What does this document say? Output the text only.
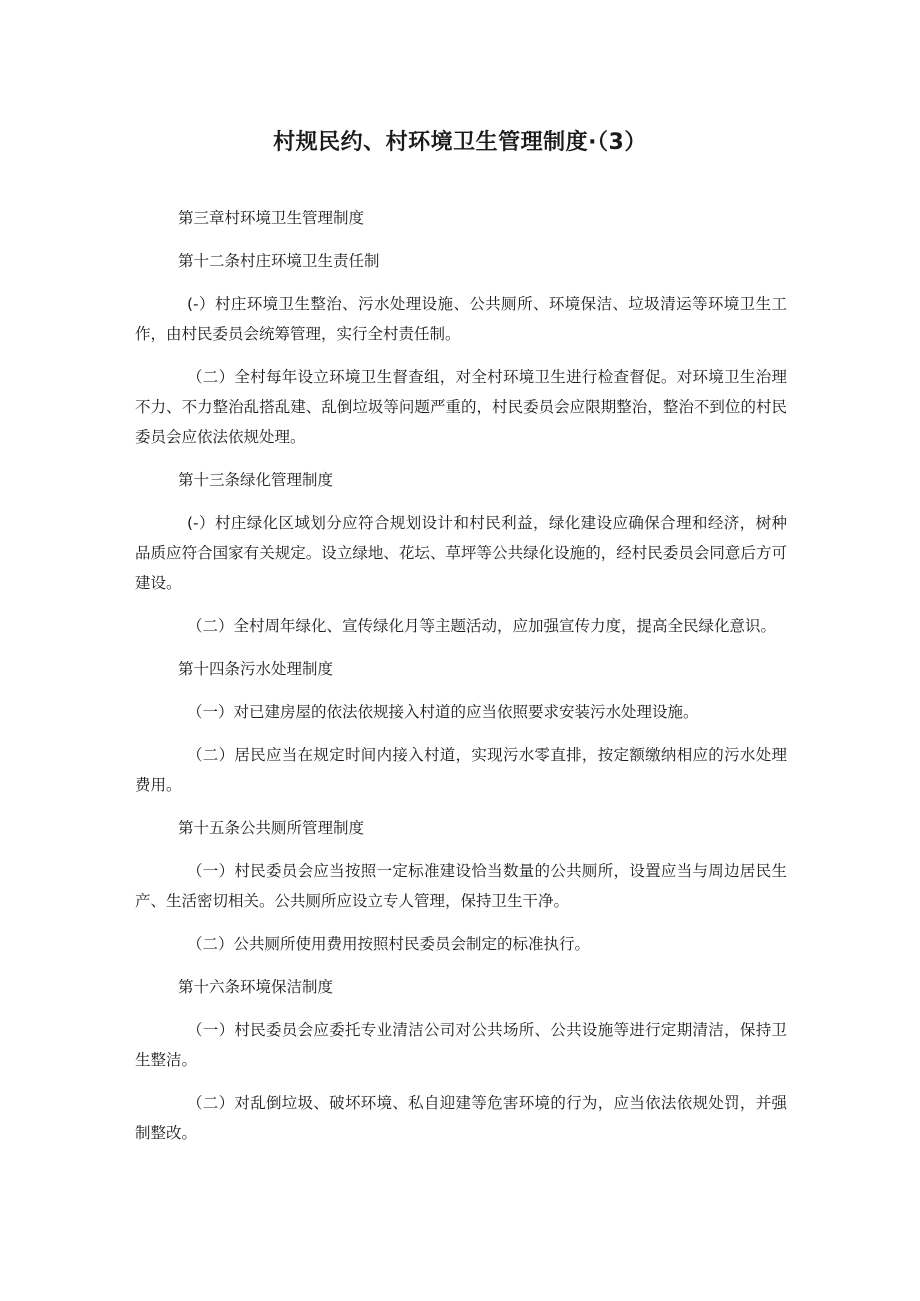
村规民约、村环境卫生管理制度·（3）

第三章村环境卫生管理制度

第十二条村庄环境卫生责任制

(-）村庄环境卫生整治、污水处理设施、公共厕所、环境保洁、垃圾清运等环境卫生工作，由村民委员会统筹管理，实行全村责任制。

（二）全村每年设立环境卫生督查组，对全村环境卫生进行检查督促。对环境卫生治理不力、不力整治乱搭乱建、乱倒垃圾等问题严重的，村民委员会应限期整治，整治不到位的村民委员会应依法依规处理。

第十三条绿化管理制度

(-）村庄绿化区域划分应符合规划设计和村民利益，绿化建设应确保合理和经济，树种品质应符合国家有关规定。设立绿地、花坛、草坪等公共绿化设施的，经村民委员会同意后方可建设。

（二）全村周年绿化、宣传绿化月等主题活动，应加强宣传力度，提高全民绿化意识。

第十四条污水处理制度

（一）对已建房屋的依法依规接入村道的应当依照要求安装污水处理设施。

（二）居民应当在规定时间内接入村道，实现污水零直排，按定额缴纳相应的污水处理费用。

第十五条公共厕所管理制度

（一）村民委员会应当按照一定标准建设恰当数量的公共厕所，设置应当与周边居民生产、生活密切相关。公共厕所应设立专人管理，保持卫生干净。

（二）公共厕所使用费用按照村民委员会制定的标准执行。

第十六条环境保洁制度

（一）村民委员会应委托专业清洁公司对公共场所、公共设施等进行定期清洁，保持卫生整洁。

（二）对乱倒垃圾、破坏环境、私自迎建等危害环境的行为，应当依法依规处罚，并强制整改。
